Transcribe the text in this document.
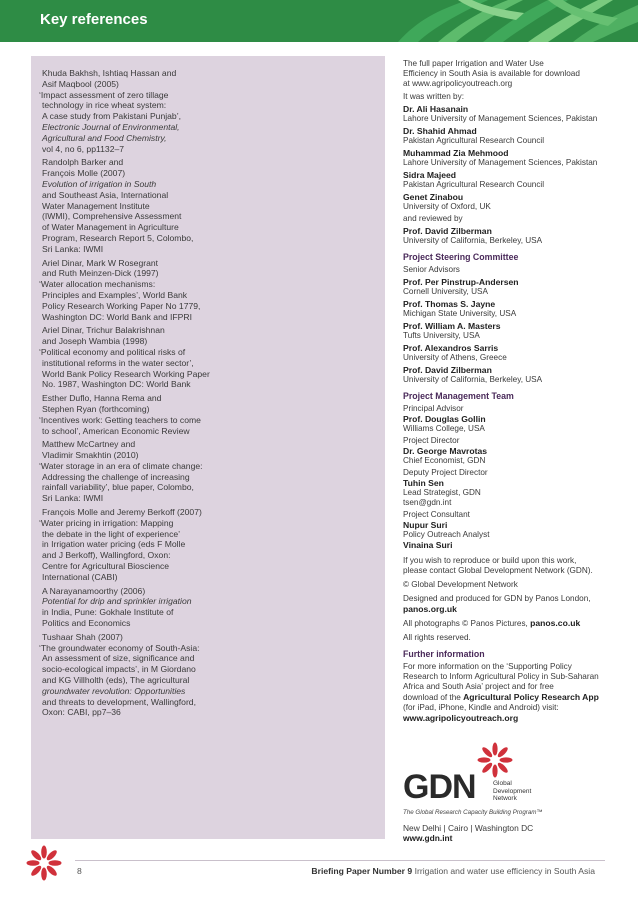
Key references
Khuda Bakhsh, Ishtiaq Hassan and
Asif Maqbool (2005)
‘Impact assessment of zero tillage
technology in rice wheat system:
A case study from Pakistani Punjab’,
Electronic Journal of Environmental,
Agricultural and Food Chemistry,
vol 4, no 6, pp1132–7
Randolph Barker and
François Molle (2007)
Evolution of irrigation in South
and Southeast Asia, International
Water Management Institute
(IWMI), Comprehensive Assessment
of Water Management in Agriculture
Program, Research Report 5, Colombo,
Sri Lanka: IWMI
Ariel Dinar, Mark W Rosegrant
and Ruth Meinzen-Dick (1997)
‘Water allocation mechanisms:
Principles and Examples’, World Bank
Policy Research Working Paper No 1779,
Washington DC: World Bank and IFPRI
Ariel Dinar, Trichur Balakrishnan
and Joseph Wambia (1998)
‘Political economy and political risks of
institutional reforms in the water sector’,
World Bank Policy Research Working Paper
No. 1987, Washington DC: World Bank
Esther Duflo, Hanna Rema and
Stephen Ryan (forthcoming)
‘Incentives work: Getting teachers to come
to school’, American Economic Review
Matthew McCartney and
Vladimir Smakhtin (2010)
‘Water storage in an era of climate change:
Addressing the challenge of increasing
rainfall variability’, blue paper, Colombo,
Sri Lanka: IWMI
François Molle and Jeremy Berkoff (2007)
‘Water pricing in irrigation: Mapping
the debate in the light of experience’
in Irrigation water pricing (eds F Molle
and J Berkoff), Wallingford, Oxon:
Centre for Agricultural Bioscience
International (CABI)
A Narayanamoorthy (2006)
Potential for drip and sprinkler irrigation
in India, Pune: Gokhale Institute of
Politics and Economics
Tushaar Shah (2007)
‘The groundwater economy of South-Asia:
An assessment of size, significance and
socio-ecological impacts’, in M Giordano
and KG Villholth (eds), The agricultural
groundwater revolution: Opportunities
and threats to development, Wallingford,
Oxon: CABI, pp7–36
The full paper Irrigation and Water Use
Efficiency in South Asia is available for download
at www.agripolicyoutreach.org
It was written by:
Dr. Ali Hasanain
Lahore University of Management Sciences, Pakistan
Dr. Shahid Ahmad
Pakistan Agricultural Research Council
Muhammad Zia Mehmood
Lahore University of Management Sciences, Pakistan
Sidra Majeed
Pakistan Agricultural Research Council
Genet Zinabou
University of Oxford, UK
and reviewed by
Prof. David Zilberman
University of California, Berkeley, USA
Project Steering Committee
Senior Advisors
Prof. Per Pinstrup-Andersen
Cornell University, USA
Prof. Thomas S. Jayne
Michigan State University, USA
Prof. William A. Masters
Tufts University, USA
Prof. Alexandros Sarris
University of Athens, Greece
Prof. David Zilberman
University of California, Berkeley, USA
Project Management Team
Principal Advisor
Prof. Douglas Gollin
Williams College, USA
Project Director
Dr. George Mavrotas
Chief Economist, GDN
Deputy Project Director
Tuhin Sen
Lead Strategist, GDN
tsen@gdn.int
Project Consultant
Nupur Suri
Policy Outreach Analyst
Vinaina Suri
If you wish to reproduce or build upon this work,
please contact Global Development Network (GDN).
© Global Development Network
Designed and produced for GDN by Panos London,
panos.org.uk
All photographs © Panos Pictures, panos.co.uk
All rights reserved.
Further information
For more information on the ‘Supporting Policy
Research to Inform Agricultural Policy in Sub-Saharan
Africa and South Asia’ project and for free
download of the Agricultural Policy Research App
(for iPad, iPhone, Kindle and Android) visit:
www.agripolicyoutreach.org
GDN	Global
Development
Network
The Global Research Capacity Building Program™
New Delhi | Cairo | Washington DC
www.gdn.int
8	Briefing Paper Number 9 Irrigation and water use efficiency in South Asia
